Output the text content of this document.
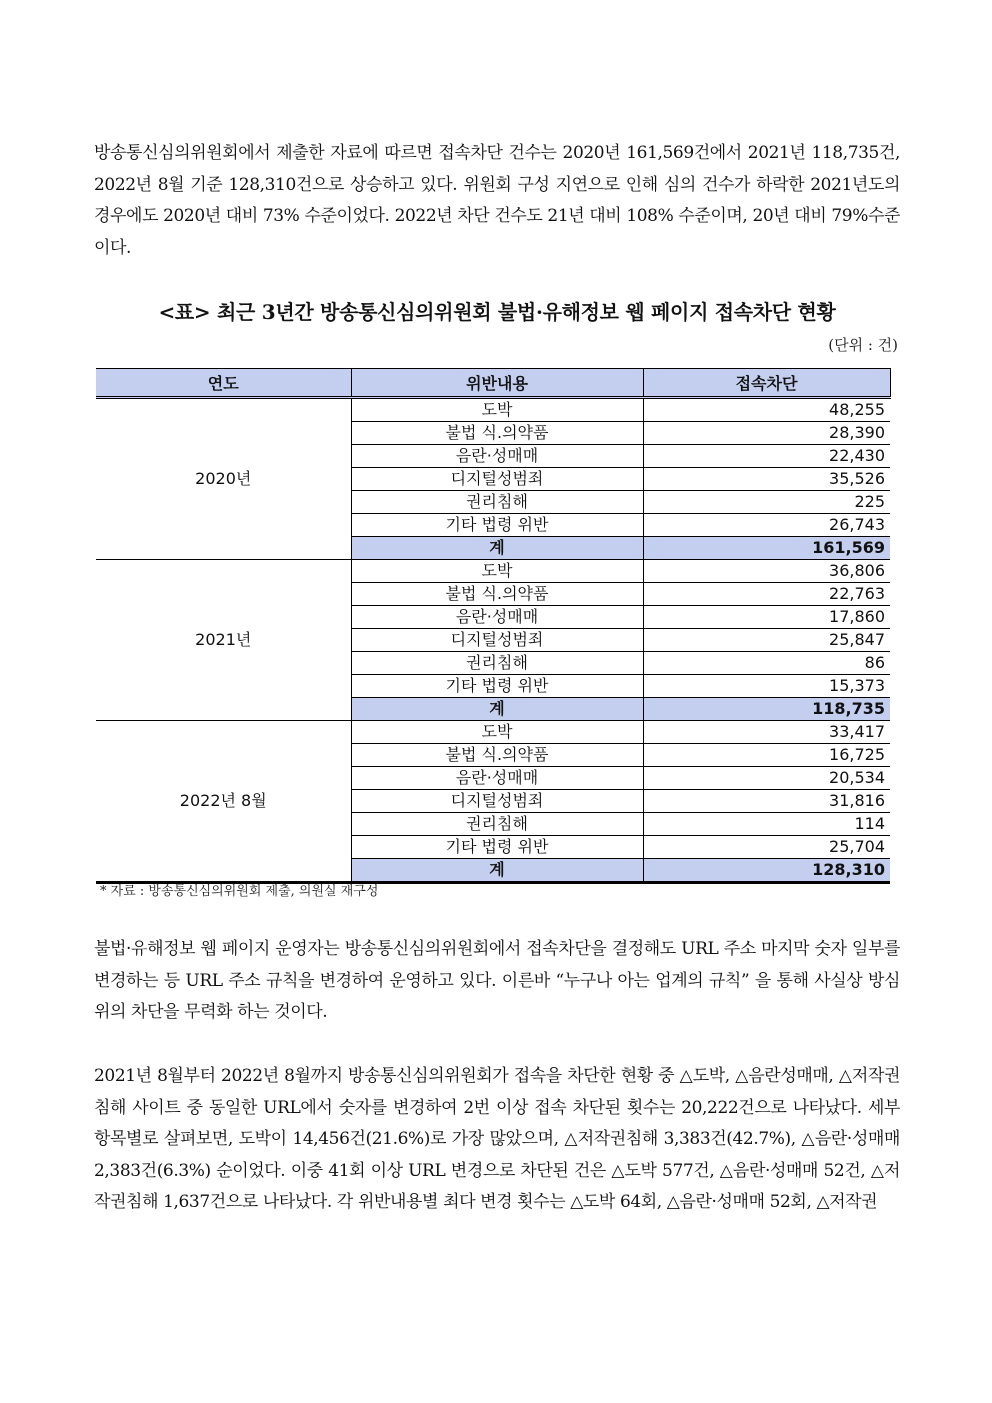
방송통신심의위원회에서 제출한 자료에 따르면 접속차단 건수는 2020년 161,569건에서 2021년 118,735건, 2022년 8월 기준 128,310건으로 상승하고 있다. 위원회 구성 지연으로 인해 심의 건수가 하락한 2021년도의 경우에도 2020년 대비 73% 수준이었다. 2022년 차단 건수도 21년 대비 108% 수준이며, 20년 대비 79%수준이다.

<표> 최근 3년간 방송통신심의위원회 불법·유해정보 웹 페이지 접속차단 현황
(단위 : 건)
연도	위반내용	접속차단
2020년	도박	48,255
	불법 식.의약품	28,390
	음란·성매매	22,430
	디지털성범죄	35,526
	권리침해	225
	기타 법령 위반	26,743
	계	161,569
2021년	도박	36,806
	불법 식.의약품	22,763
	음란·성매매	17,860
	디지털성범죄	25,847
	권리침해	86
	기타 법령 위반	15,373
	계	118,735
2022년 8월	도박	33,417
	불법 식.의약품	16,725
	음란·성매매	20,534
	디지털성범죄	31,816
	권리침해	114
	기타 법령 위반	25,704
	계	128,310
* 자료 : 방송통신심의위원회 제출, 의원실 재구성

불법·유해정보 웹 페이지 운영자는 방송통신심의위원회에서 접속차단을 결정해도 URL 주소 마지막 숫자 일부를 변경하는 등 URL 주소 규칙을 변경하여 운영하고 있다. 이른바 “누구나 아는 업계의 규칙” 을 통해 사실상 방심위의 차단을 무력화 하는 것이다.

2021년 8월부터 2022년 8월까지 방송통신심의위원회가 접속을 차단한 현황 중 △도박, △음란성매매, △저작권침해 사이트 중 동일한 URL에서 숫자를 변경하여 2번 이상 접속 차단된 횟수는 20,222건으로 나타났다. 세부 항목별로 살펴보면, 도박이 14,456건(21.6%)로 가장 많았으며, △저작권침해 3,383건(42.7%), △음란·성매매 2,383건(6.3%) 순이었다. 이중 41회 이상 URL 변경으로 차단된 건은 △도박 577건, △음란·성매매 52건, △저작권침해 1,637건으로 나타났다. 각 위반내용별 최다 변경 횟수는 △도박 64회, △음란·성매매 52회, △저작권
